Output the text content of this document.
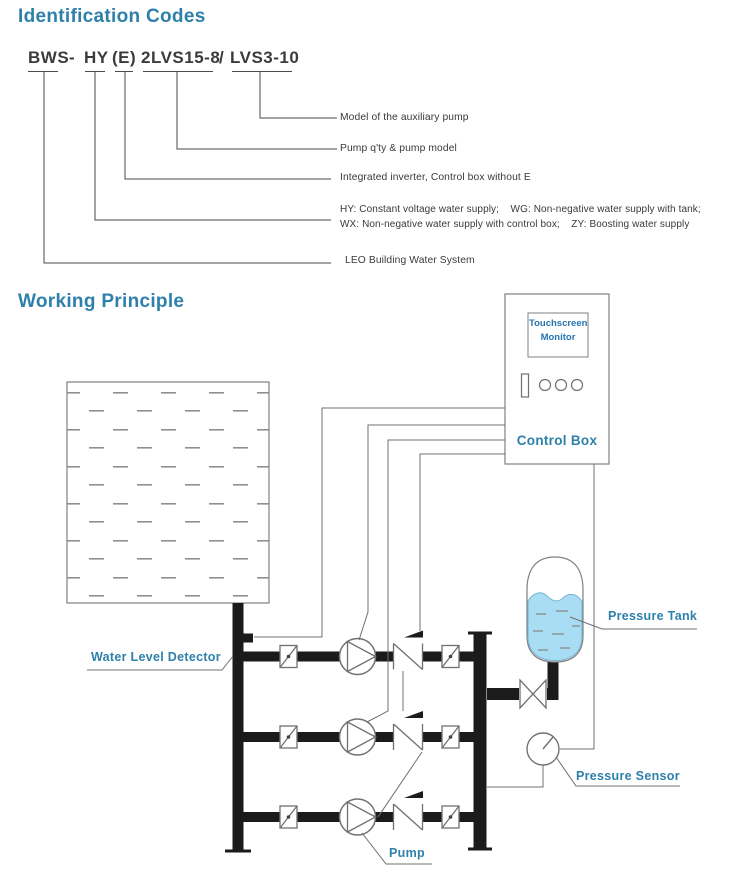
Identification Codes
BWS - HY (E) 2LVS15-8
/ LVS3-10
Model of the auxiliary pump
Pump q'ty & pump model
Integrated inverter, Control box without E
HY: Constant voltage water supply;    WG: Non-negative water supply with tank;
WX: Non-negative water supply with control box;    ZY: Boosting water supply
LEO Building Water System
Working Principle
Touchscreen
Monitor
Control Box
Pressure Tank
Water Level Detector
Pressure Sensor
Pump
